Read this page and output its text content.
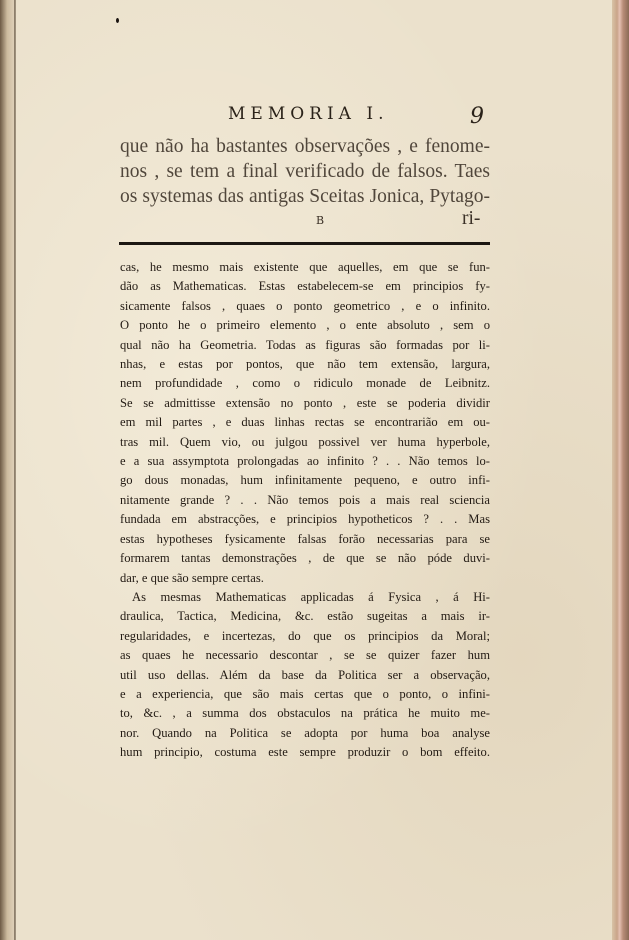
MEMORIA I.	9
que não ha bastantes observações , e fenome-
nos , se tem a final verificado de falsos. Taes
os systemas das antigas Sceitas Jonica, Pytago-
B	ri-
cas, he mesmo mais existente que aquelles, em que se fun-
dão as Mathematicas. Estas estabelecem-se em principios fy-
sicamente falsos , quaes o ponto geometrico , e o infinito.
O ponto he o primeiro elemento , o ente absoluto , sem o
qual não ha Geometria. Todas as figuras são formadas por li-
nhas, e estas por pontos, que não tem extensão, largura,
nem profundidade , como o ridiculo monade de Leibnitz.
Se se admittisse extensão no ponto , este se poderia dividir
em mil partes , e duas linhas rectas se encontrarião em ou-
tras mil. Quem vio, ou julgou possivel ver huma hyperbole,
e a sua assymptota prolongadas ao infinito ? . . Não temos lo-
go dous monadas, hum infinitamente pequeno, e outro infi-
nitamente grande ? . . Não temos pois a mais real sciencia
fundada em abstracções, e principios hypotheticos ? . . Mas
estas hypotheses fysicamente falsas forão necessarias para se
formarem tantas demonstrações , de que se não póde duvi-
dar, e que são sempre certas.
As mesmas Mathematicas applicadas á Fysica , á Hi-
draulica, Tactica, Medicina, &c. estão sugeitas a mais ir-
regularidades, e incertezas, do que os principios da Moral;
as quaes he necessario descontar , se se quizer fazer hum
util uso dellas. Além da base da Politica ser a observação,
e a experiencia, que são mais certas que o ponto, o infini-
to, &c. , a summa dos obstaculos na prática he muito me-
nor. Quando na Politica se adopta por huma boa analyse
hum principio, costuma este sempre produzir o bom effeito.
